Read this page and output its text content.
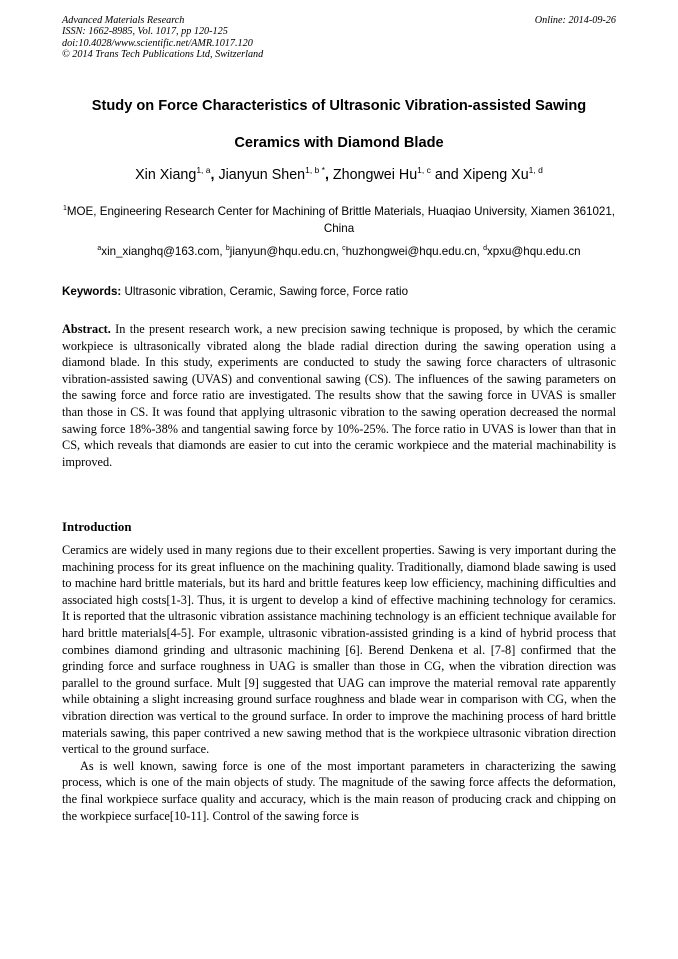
Advanced Materials Research
ISSN: 1662-8985, Vol. 1017, pp 120-125
doi:10.4028/www.scientific.net/AMR.1017.120
© 2014 Trans Tech Publications Ltd, Switzerland
Online: 2014-09-26
Study on Force Characteristics of Ultrasonic Vibration-assisted Sawing
Ceramics with Diamond Blade
Xin Xiang$^{1, a}$, Jianyun Shen$^{1, b *}$, Zhongwei Hu$^{1, c}$ and Xipeng Xu$^{1, d}$
$^1$MOE, Engineering Research Center for Machining of Brittle Materials, Huaqiao University, Xiamen 361021, China
$^a$xin_xianghq@163.com, $^b$jianyun@hqu.edu.cn, $^c$huzhongwei@hqu.edu.cn, $^d$xpxu@hqu.edu.cn
Keywords: Ultrasonic vibration, Ceramic, Sawing force, Force ratio
Abstract. In the present research work, a new precision sawing technique is proposed, by which the ceramic workpiece is ultrasonically vibrated along the blade radial direction during the sawing operation using a diamond blade. In this study, experiments are conducted to study the sawing force characters of ultrasonic vibration-assisted sawing (UVAS) and conventional sawing (CS). The influences of the sawing parameters on the sawing force and force ratio are investigated. The results show that the sawing force in UVAS is smaller than those in CS. It was found that applying ultrasonic vibration to the sawing operation decreased the normal sawing force 18%-38% and tangential sawing force by 10%-25%. The force ratio in UVAS is lower than that in CS, which reveals that diamonds are easier to cut into the ceramic workpiece and the material machinability is improved.
Introduction

Ceramics are widely used in many regions due to their excellent properties. Sawing is very important during the machining process for its great influence on the machining quality. Traditionally, diamond blade sawing is used to machine hard brittle materials, but its hard and brittle features keep low efficiency, machining difficulties and associated high costs[1-3]. Thus, it is urgent to develop a kind of effective machining technology for ceramics. It is reported that the ultrasonic vibration assistance machining technology is an efficient technique available for hard brittle materials[4-5]. For example, ultrasonic vibration-assisted grinding is a kind of hybrid process that combines diamond grinding and ultrasonic machining [6]. Berend Denkena et al. [7-8] confirmed that the grinding force and surface roughness in UAG is smaller than those in CG, when the vibration direction was parallel to the ground surface. Mult [9] suggested that UAG can improve the material removal rate apparently while obtaining a slight increasing ground surface roughness and blade wear in comparison with CG, when the vibration direction was vertical to the ground surface. In order to improve the machining process of hard brittle materials sawing, this paper contrived a new sawing method that is the workpiece ultrasonic vibration direction vertical to the ground surface.

As is well known, sawing force is one of the most important parameters in characterizing the sawing process, which is one of the main objects of study. The magnitude of the sawing force affects the deformation, the final workpiece surface quality and accuracy, which is the main reason of producing crack and chipping on the workpiece surface[10-11]. Control of the sawing force is
